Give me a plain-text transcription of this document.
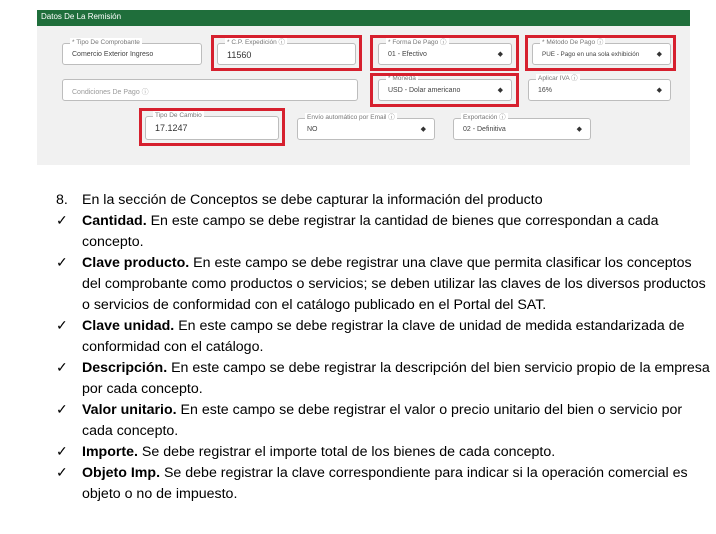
Datos De La Remisión
* Tipo De Comprobante
Comercio Exterior Ingreso
* C.P. Expedición ⓘ
11560
* Forma De Pago ⓘ
01 - Efectivo	◆
* Método De Pago ⓘ
PUE - Pago en una sola exhibición ◆
Condiciones De Pago ⓘ
* Moneda
USD - Dolar americano	◆
Aplicar IVA ⓘ
16%	◆
Tipo De Cambio
17.1247
Envío automático por Email ⓘ
NO	◆
Exportación ⓘ
02 - Definitiva	◆
8. En la sección de Conceptos se debe capturar la información del producto
✓ Cantidad. En este campo se debe registrar la cantidad de bienes que correspondan a cada concepto.
✓ Clave producto. En este campo se debe registrar una clave que permita clasificar los conceptos del comprobante como productos o servicios; se deben utilizar las claves de los diversos productos o servicios de conformidad con el catálogo publicado en el Portal del SAT.
✓ Clave unidad. En este campo se debe registrar la clave de unidad de medida estandarizada de conformidad con el catálogo.
✓ Descripción. En este campo se debe registrar la descripción del bien servicio propio de la empresa por cada concepto.
✓ Valor unitario. En este campo se debe registrar el valor o precio unitario del bien o servicio por cada concepto.
✓ Importe. Se debe registrar el importe total de los bienes de cada concepto.
✓ Objeto Imp. Se debe registrar la clave correspondiente para indicar si la operación comercial es objeto o no de impuesto.
